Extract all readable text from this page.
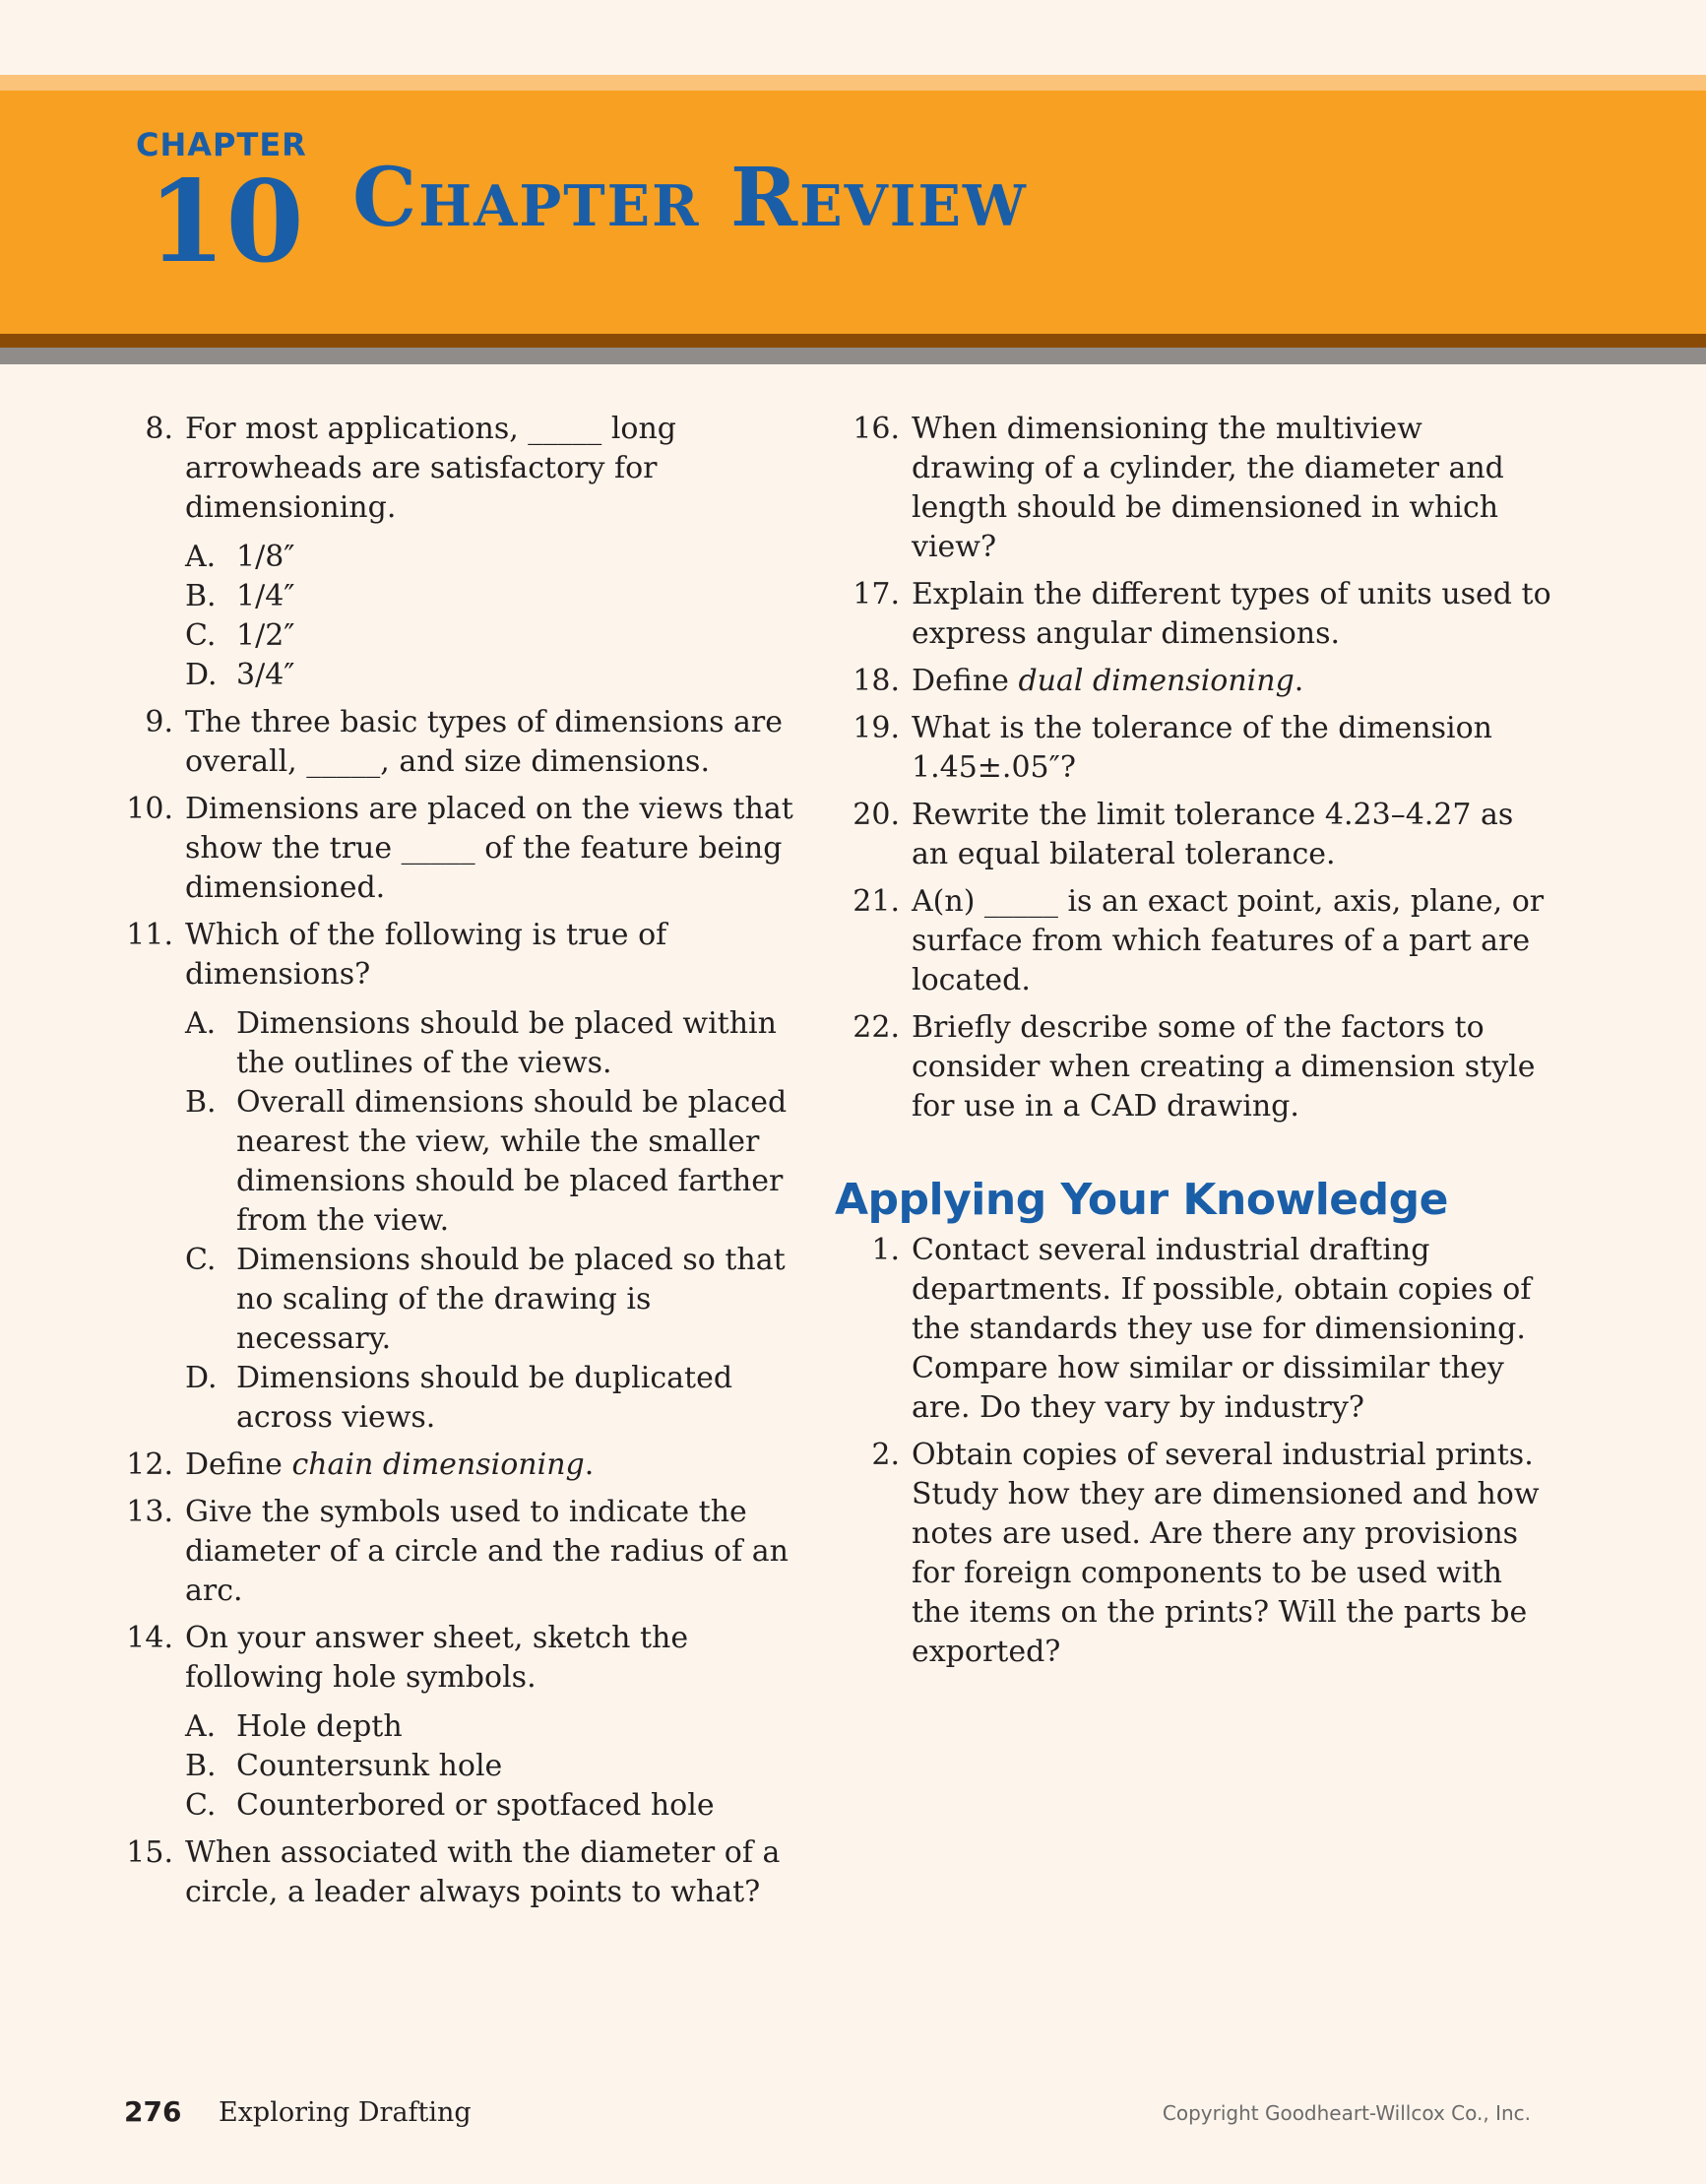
CHAPTER
10 Chapter Review
8. For most applications, _____ long arrowheads are satisfactory for dimensioning.
A. 1/8″
B. 1/4″
C. 1/2″
D. 3/4″
9. The three basic types of dimensions are overall, _____, and size dimensions.
10. Dimensions are placed on the views that show the true _____ of the feature being dimensioned.
11. Which of the following is true of dimensions?
A. Dimensions should be placed within the outlines of the views.
B. Overall dimensions should be placed nearest the view, while the smaller dimensions should be placed farther from the view.
C. Dimensions should be placed so that no scaling of the drawing is necessary.
D. Dimensions should be duplicated across views.
12. Define chain dimensioning.
13. Give the symbols used to indicate the diameter of a circle and the radius of an arc.
14. On your answer sheet, sketch the following hole symbols.
A. Hole depth
B. Countersunk hole
C. Counterbored or spotfaced hole
15. When associated with the diameter of a circle, a leader always points to what?
16. When dimensioning the multiview drawing of a cylinder, the diameter and length should be dimensioned in which view?
17. Explain the different types of units used to express angular dimensions.
18. Define dual dimensioning.
19. What is the tolerance of the dimension 1.45±.05″?
20. Rewrite the limit tolerance 4.23–4.27 as an equal bilateral tolerance.
21. A(n) _____ is an exact point, axis, plane, or surface from which features of a part are located.
22. Briefly describe some of the factors to consider when creating a dimension style for use in a CAD drawing.
Applying Your Knowledge
1. Contact several industrial drafting departments. If possible, obtain copies of the standards they use for dimensioning. Compare how similar or dissimilar they are. Do they vary by industry?
2. Obtain copies of several industrial prints. Study how they are dimensioned and how notes are used. Are there any provisions for foreign components to be used with the items on the prints? Will the parts be exported?
276 Exploring Drafting	Copyright Goodheart-Willcox Co., Inc.
